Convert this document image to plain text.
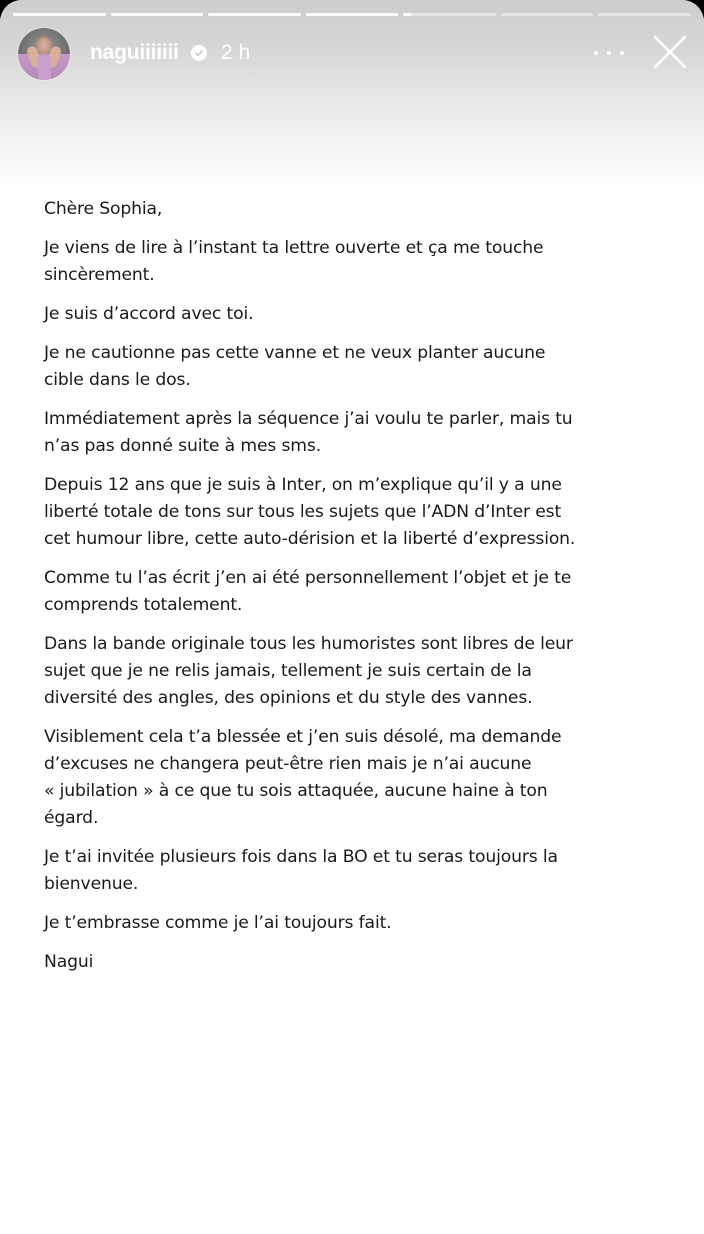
naguiiiiiii 2 h
Chère Sophia,
Je viens de lire à l’instant ta lettre ouverte et ça me touche
sincèrement.
Je suis d’accord avec toi.
Je ne cautionne pas cette vanne et ne veux planter aucune
cible dans le dos.
Immédiatement après la séquence j’ai voulu te parler, mais tu
n’as pas donné suite à mes sms.
Depuis 12 ans que je suis à Inter, on m’explique qu’il y a une
liberté totale de tons sur tous les sujets que l’ADN d’Inter est
cet humour libre, cette auto-dérision et la liberté d’expression.
Comme tu l’as écrit j’en ai été personnellement l’objet et je te
comprends totalement.
Dans la bande originale tous les humoristes sont libres de leur
sujet que je ne relis jamais, tellement je suis certain de la
diversité des angles, des opinions et du style des vannes.
Visiblement cela t’a blessée et j’en suis désolé, ma demande
d’excuses ne changera peut-être rien mais je n’ai aucune
« jubilation » à ce que tu sois attaquée, aucune haine à ton
égard.
Je t’ai invitée plusieurs fois dans la BO et tu seras toujours la
bienvenue.
Je t’embrasse comme je l’ai toujours fait.
Nagui
